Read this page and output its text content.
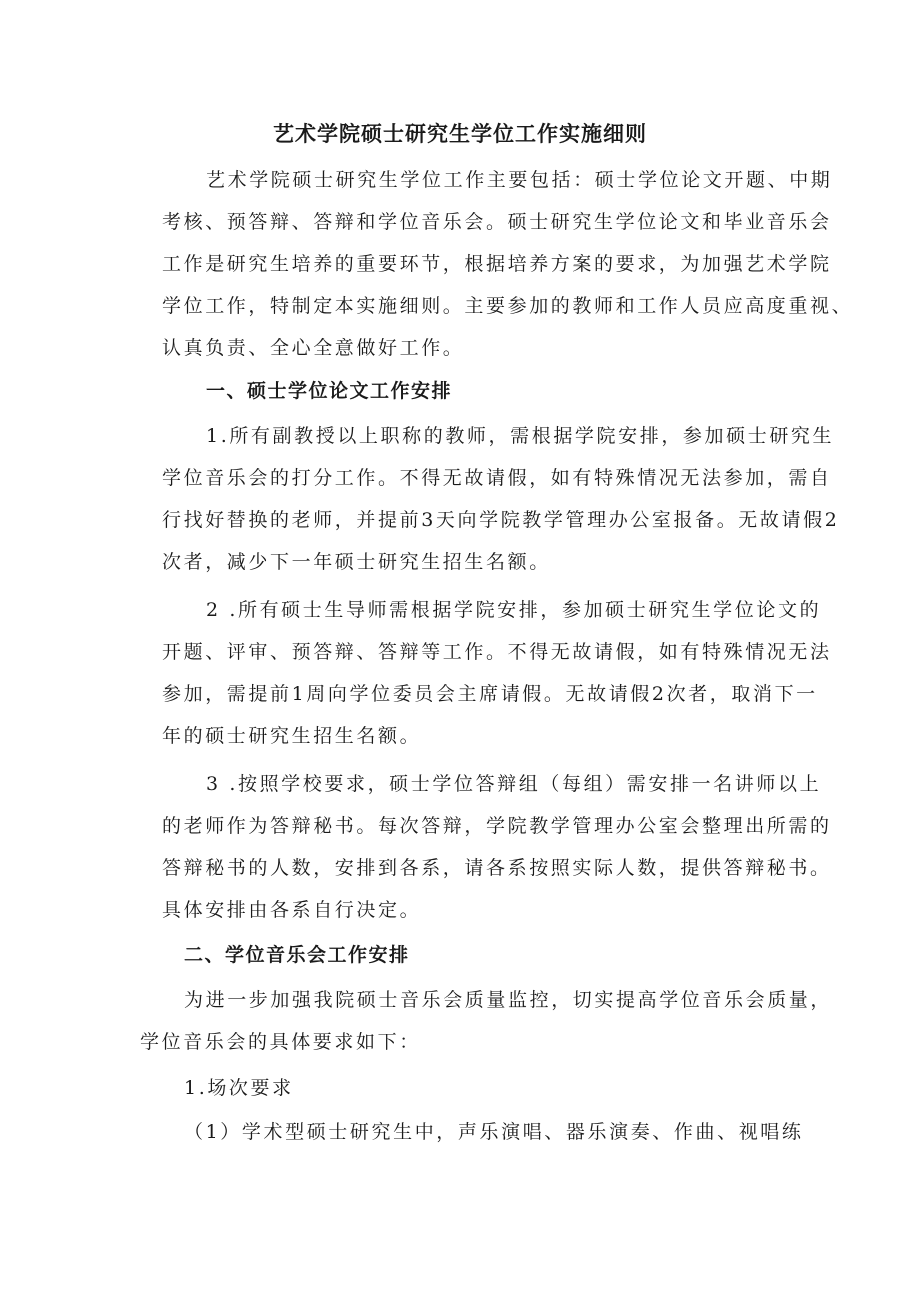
艺术学院硕士研究生学位工作实施细则
艺术学院硕士研究生学位工作主要包括：硕士学位论文开题、中期
考核、预答辩、答辩和学位音乐会。硕士研究生学位论文和毕业音乐会
工作是研究生培养的重要环节，根据培养方案的要求，为加强艺术学院
学位工作，特制定本实施细则。主要参加的教师和工作人员应高度重视、
认真负责、全心全意做好工作。
一、硕士学位论文工作安排
1.所有副教授以上职称的教师，需根据学院安排，参加硕士研究生
学位音乐会的打分工作。不得无故请假，如有特殊情况无法参加，需自
行找好替换的老师，并提前3天向学院教学管理办公室报备。无故请假2
次者，减少下一年硕士研究生招生名额。
2 .所有硕士生导师需根据学院安排，参加硕士研究生学位论文的
开题、评审、预答辩、答辩等工作。不得无故请假，如有特殊情况无法
参加，需提前1周向学位委员会主席请假。无故请假2次者，取消下一
年的硕士研究生招生名额。
3 .按照学校要求，硕士学位答辩组（每组）需安排一名讲师以上
的老师作为答辩秘书。每次答辩，学院教学管理办公室会整理出所需的
答辩秘书的人数，安排到各系，请各系按照实际人数，提供答辩秘书。
具体安排由各系自行决定。
二、学位音乐会工作安排
为进一步加强我院硕士音乐会质量监控，切实提高学位音乐会质量，
学位音乐会的具体要求如下：
1.场次要求
（1）学术型硕士研究生中，声乐演唱、器乐演奏、作曲、视唱练
